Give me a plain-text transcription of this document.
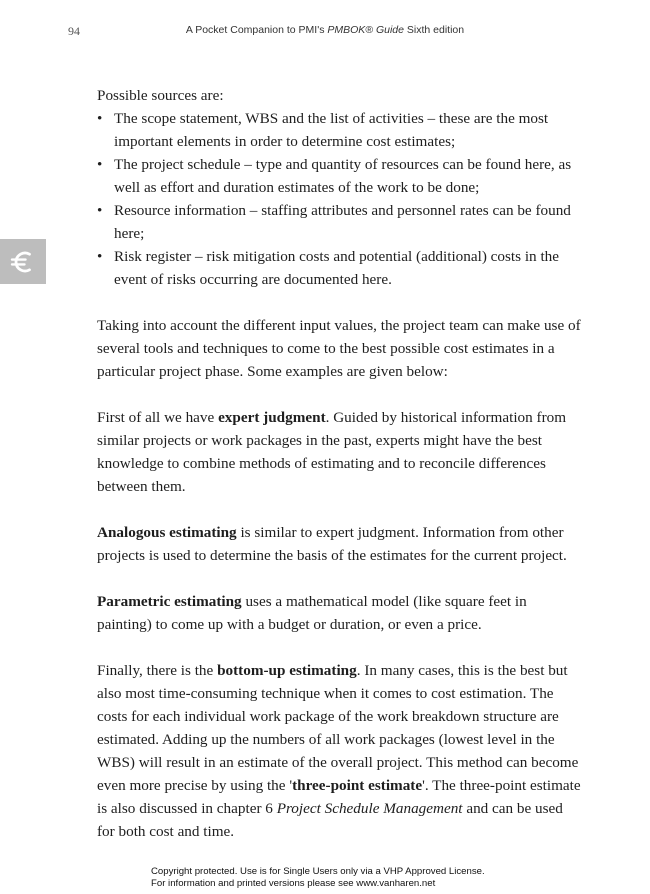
94	A Pocket Companion to PMI's PMBOK® Guide Sixth edition

Possible sources are:

• The scope statement, WBS and the list of activities – these are the most important elements in order to determine cost estimates;
• The project schedule – type and quantity of resources can be found here, as well as effort and duration estimates of the work to be done;
• Resource information – staffing attributes and personnel rates can be found here;
• Risk register – risk mitigation costs and potential (additional) costs in the event of risks occurring are documented here.

Taking into account the different input values, the project team can make use of several tools and techniques to come to the best possible cost estimates in a particular project phase. Some examples are given below:

First of all we have expert judgment. Guided by historical information from similar projects or work packages in the past, experts might have the best knowledge to combine methods of estimating and to reconcile differences between them.

Analogous estimating is similar to expert judgment. Information from other projects is used to determine the basis of the estimates for the current project.

Parametric estimating uses a mathematical model (like square feet in painting) to come up with a budget or duration, or even a price.

Finally, there is the bottom-up estimating. In many cases, this is the best but also most time-consuming technique when it comes to cost estimation. The costs for each individual work package of the work breakdown structure are estimated. Adding up the numbers of all work packages (lowest level in the WBS) will result in an estimate of the overall project. This method can become even more precise by using the 'three-point estimate'. The three-point estimate is also discussed in chapter 6 Project Schedule Management and can be used for both cost and time.

Copyright protected. Use is for Single Users only via a VHP Approved License.
For information and printed versions please see www.vanharen.net
